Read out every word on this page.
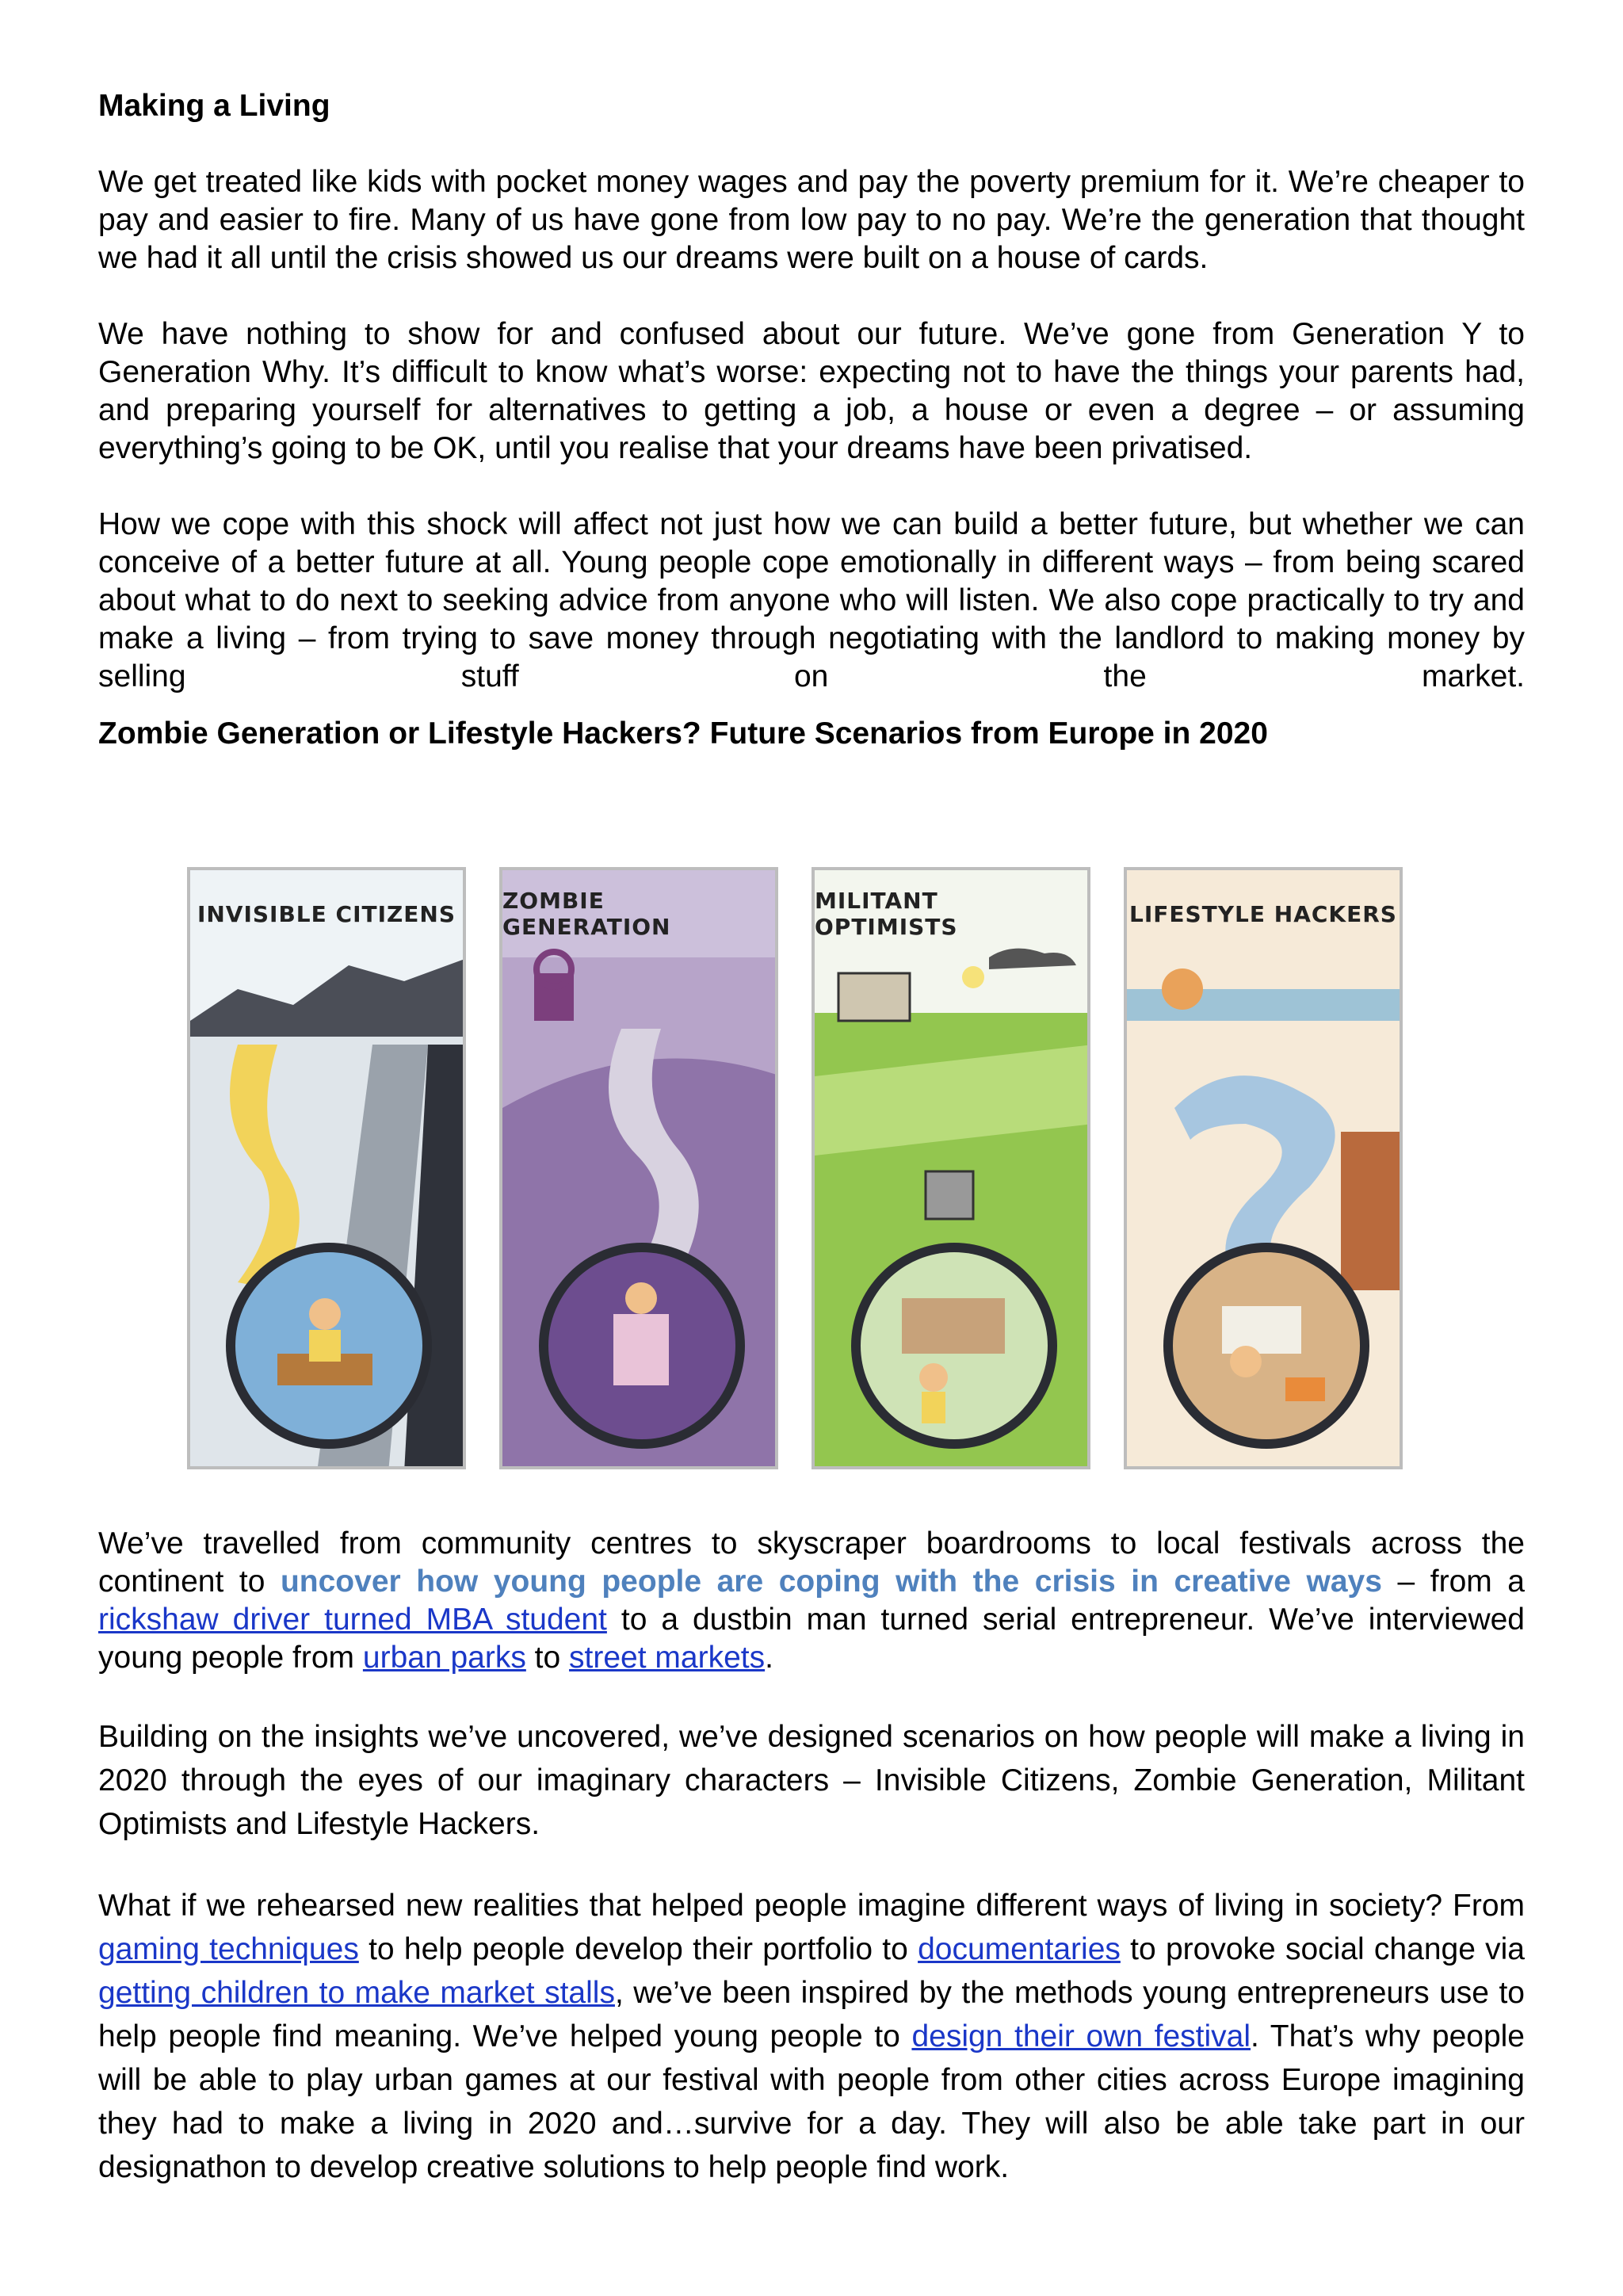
Making a Living

We get treated like kids with pocket money wages and pay the poverty premium for it. We’re cheaper to pay and easier to fire. Many of us have gone from low pay to no pay. We’re the generation that thought we had it all until the crisis showed us our dreams were built on a house of cards.

We have nothing to show for and confused about our future. We’ve gone from Generation Y to Generation Why. It’s difficult to know what’s worse: expecting not to have the things your parents had, and preparing yourself for alternatives to getting a job, a house or even a degree – or assuming everything’s going to be OK, until you realise that your dreams have been privatised.

How we cope with this shock will affect not just how we can build a better future, but whether we can conceive of a better future at all. Young people cope emotionally in different ways – from being scared about what to do next to seeking advice from anyone who will listen. We also cope practically to try and make a living – from trying to save money through negotiating with the landlord to making money by selling stuff on the market.

Zombie Generation or Lifestyle Hackers? Future Scenarios from Europe in 2020
INVISIBLE CITIZENS	ZOMBIE GENERATION
MILITANT OPTIMISTS	LIFESTYLE HACKERS

We’ve travelled from community centres to skyscraper boardrooms to local festivals across the continent to uncover how young people are coping with the crisis in creative ways – from a rickshaw driver turned MBA student to a dustbin man turned serial entrepreneur. We’ve interviewed young people from urban parks to street markets.

Building on the insights we’ve uncovered, we’ve designed scenarios on how people will make a living in 2020 through the eyes of our imaginary characters – Invisible Citizens, Zombie Generation, Militant Optimists and Lifestyle Hackers.

What if we rehearsed new realities that helped people imagine different ways of living in society? From gaming techniques to help people develop their portfolio to documentaries to provoke social change via getting children to make market stalls, we’ve been inspired by the methods young entrepreneurs use to help people find meaning. We’ve helped young people to design their own festival. That’s why people will be able to play urban games at our festival with people from other cities across Europe imagining they had to make a living in 2020 and…survive for a day. They will also be able take part in our designathon to develop creative solutions to help people find work.
